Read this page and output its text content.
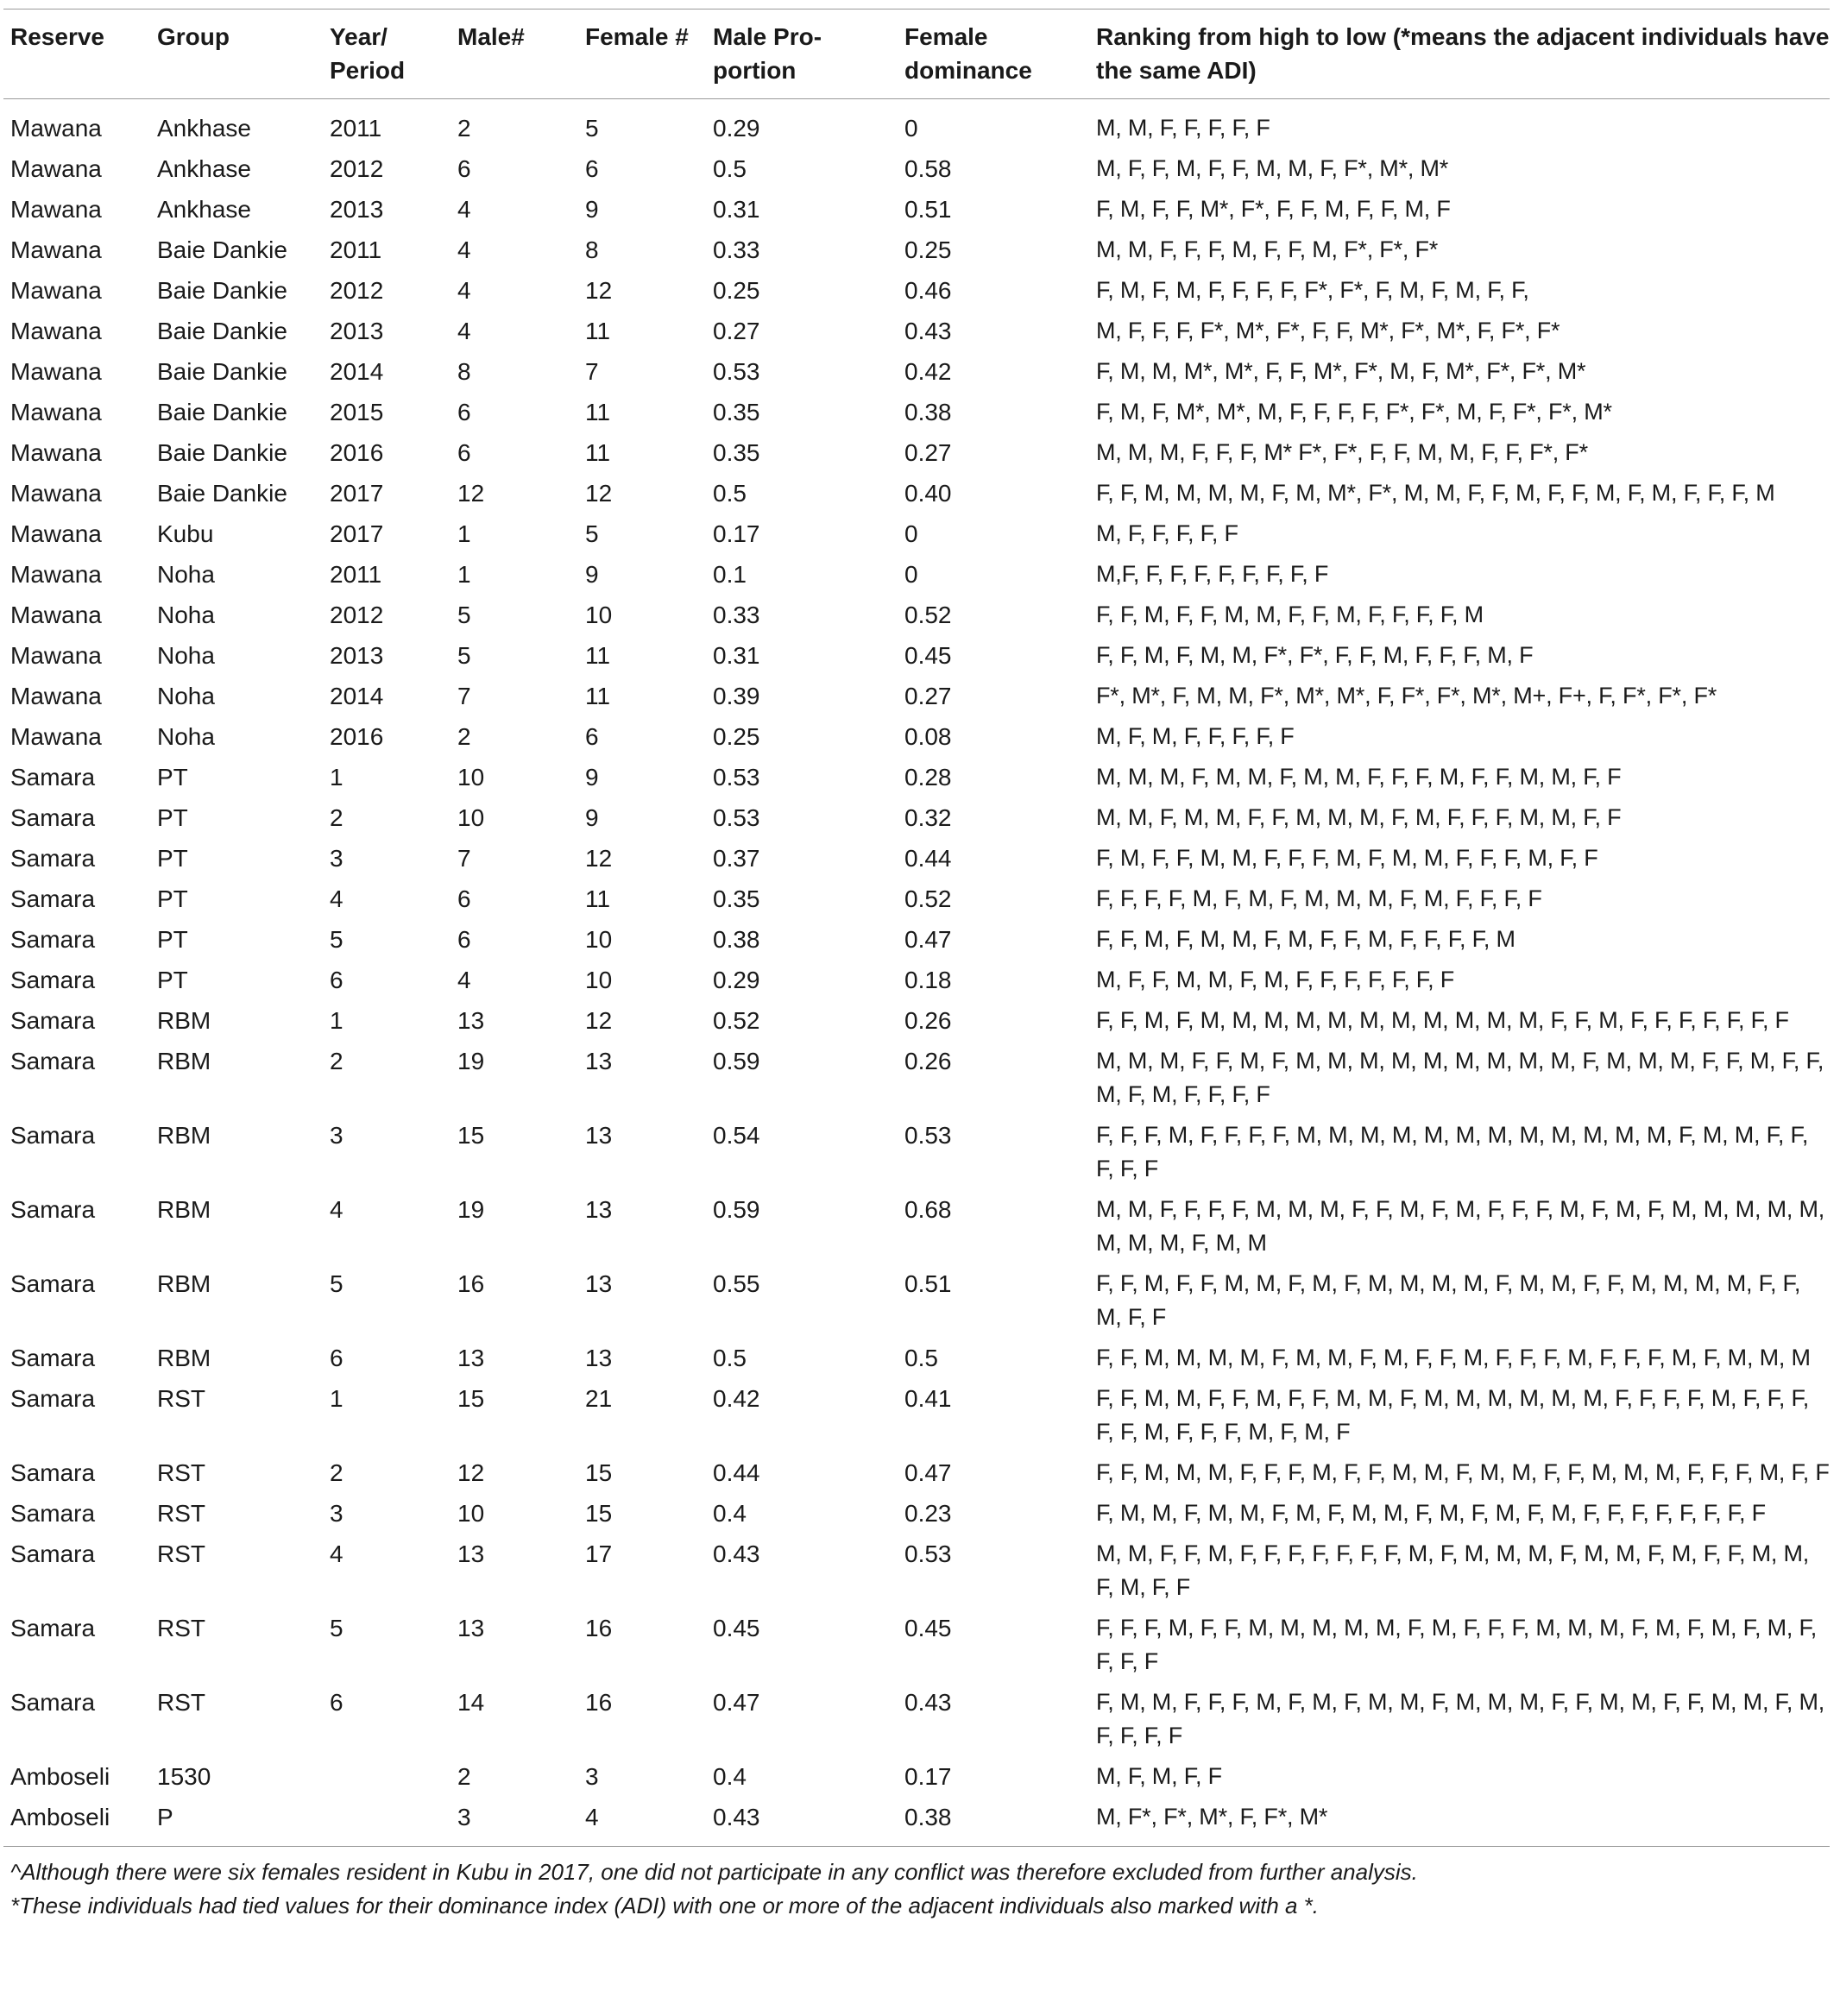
Reserve	Group	Year/ Period	Male#	Female #	Male Pro-portion	Female dominance	Ranking from high to low (*means the adjacent individuals have the same ADI)
Mawana	Ankhase	2011	2	5	0.29	0	M, M, F, F, F, F, F
Mawana	Ankhase	2012	6	6	0.5	0.58	M, F, F, M, F, F, M, M, F, F*, M*, M*
Mawana	Ankhase	2013	4	9	0.31	0.51	F, M, F, F, M*, F*, F, F, M, F, F, M, F
Mawana	Baie Dankie	2011	4	8	0.33	0.25	M, M, F, F, F, M, F, F, M, F*, F*, F*
Mawana	Baie Dankie	2012	4	12	0.25	0.46	F, M, F, M, F, F, F, F, F*, F*, F, M, F, M, F, F,
Mawana	Baie Dankie	2013	4	11	0.27	0.43	M, F, F, F, F*, M*, F*, F, F, M*, F*, M*, F, F*, F*
Mawana	Baie Dankie	2014	8	7	0.53	0.42	F, M, M, M*, M*, F, F, M*, F*, M, F, M*, F*, F*, M*
Mawana	Baie Dankie	2015	6	11	0.35	0.38	F, M, F, M*, M*, M, F, F, F, F, F*, F*, M, F, F*, F*, M*
Mawana	Baie Dankie	2016	6	11	0.35	0.27	M, M, M, F, F, F, M* F*, F*, F, F, M, M, F, F, F*, F*
Mawana	Baie Dankie	2017	12	12	0.5	0.40	F, F, M, M, M, M, F, M, M*, F*, M, M, F, F, M, F, F, M, F, M, F, F, F, M
Mawana	Kubu	2017	1	5	0.17	0	M, F, F, F, F, F
Mawana	Noha	2011	1	9	0.1	0	M,F, F, F, F, F, F, F, F, F
Mawana	Noha	2012	5	10	0.33	0.52	F, F, M, F, F, M, M, F, F, M, F, F, F, F, M
Mawana	Noha	2013	5	11	0.31	0.45	F, F, M, F, M, M, F*, F*, F, F, M, F, F, F, M, F
Mawana	Noha	2014	7	11	0.39	0.27	F*, M*, F, M, M, F*, M*, M*, F, F*, F*, M*, M+, F+, F, F*, F*, F*
Mawana	Noha	2016	2	6	0.25	0.08	M, F, M, F, F, F, F, F
Samara	PT	1	10	9	0.53	0.28	M, M, M, F, M, M, F, M, M, F, F, F, M, F, F, M, M, F, F
Samara	PT	2	10	9	0.53	0.32	M, M, F, M, M, F, F, M, M, M, F, M, F, F, F, M, M, F, F
Samara	PT	3	7	12	0.37	0.44	F, M, F, F, M, M, F, F, F, M, F, M, M, F, F, F, M, F, F
Samara	PT	4	6	11	0.35	0.52	F, F, F, F, M, F, M, F, M, M, M, F, M, F, F, F, F
Samara	PT	5	6	10	0.38	0.47	F, F, M, F, M, M, F, M, F, F, M, F, F, F, F, M
Samara	PT	6	4	10	0.29	0.18	M, F, F, M, M, F, M, F, F, F, F, F, F, F
Samara	RBM	1	13	12	0.52	0.26	F, F, M, F, M, M, M, M, M, M, M, M, M, M, M, F, F, M, F, F, F, F, F, F, F
Samara	RBM	2	19	13	0.59	0.26	M, M, M, F, F, M, F, M, M, M, M, M, M, M, M, M, F, M, M, M, F, F, M, F, F, M, F, M, F, F, F, F
Samara	RBM	3	15	13	0.54	0.53	F, F, F, M, F, F, F, F, M, M, M, M, M, M, M, M, M, M, M, M, F, M, M, F, F, F, F, F
Samara	RBM	4	19	13	0.59	0.68	M, M, F, F, F, F, M, M, M, F, F, M, F, M, F, F, F, M, F, M, F, M, M, M, M, M, M, M, M, F, M, M
Samara	RBM	5	16	13	0.55	0.51	F, F, M, F, F, M, M, F, M, F, M, M, M, M, F, M, M, F, F, M, M, M, M, F, F, M, F, F
Samara	RBM	6	13	13	0.5	0.5	F, F, M, M, M, M, F, M, M, F, M, F, F, M, F, F, F, M, F, F, F, M, F, M, M, M
Samara	RST	1	15	21	0.42	0.41	F, F, M, M, F, F, M, F, F, M, M, F, M, M, M, M, M, M, F, F, F, F, M, F, F, F, F, F, M, F, F, F, M, F, M, F
Samara	RST	2	12	15	0.44	0.47	F, F, M, M, M, F, F, F, M, F, F, M, M, F, M, M, F, F, M, M, M, F, F, F, M, F, F
Samara	RST	3	10	15	0.4	0.23	F, M, M, F, M, M, F, M, F, M, M, F, M, F, M, F, M, F, F, F, F, F, F, F, F
Samara	RST	4	13	17	0.43	0.53	M, M, F, F, M, F, F, F, F, F, F, F, M, F, M, M, M, F, M, M, F, M, F, F, M, M, F, M, F, F
Samara	RST	5	13	16	0.45	0.45	F, F, F, M, F, F, M, M, M, M, M, F, M, F, F, F, M, M, M, F, M, F, M, F, M, F, F, F, F
Samara	RST	6	14	16	0.47	0.43	F, M, M, F, F, F, M, F, M, F, M, M, F, M, M, M, F, F, M, M, F, F, M, M, F, M, F, F, F, F
Amboseli	1530		2	3	0.4	0.17	M, F, M, F, F
Amboseli	P		3	4	0.43	0.38	M, F*, F*, M*, F, F*, M*
^Although there were six females resident in Kubu in 2017, one did not participate in any conflict was therefore excluded from further analysis.
*These individuals had tied values for their dominance index (ADI) with one or more of the adjacent individuals also marked with a *.
